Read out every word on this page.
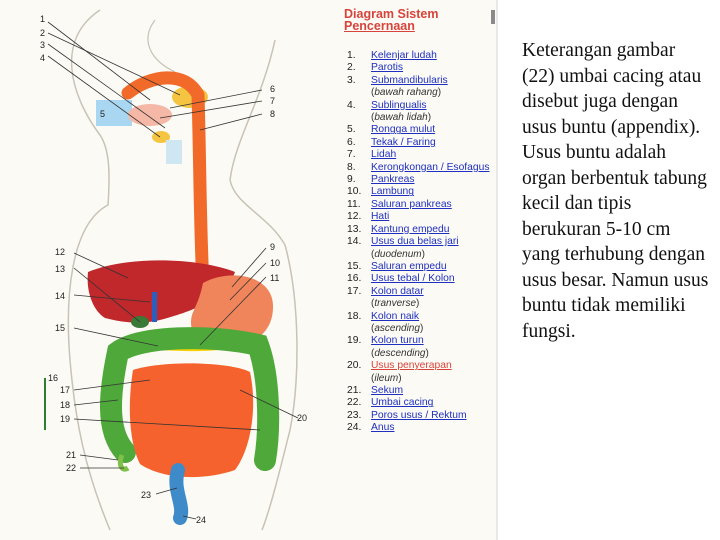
1
2
3
4
5
6
7
8
9
10
11
12
13
14
15
16
17
18
19	20
21
22
23
24
Diagram Sistem
Pencernaan
1. Kelenjar ludah
2. Parotis
3. Submandibularis
(bawah rahang)
4. Sublingualis
(bawah lidah)
5. Rongga mulut
6. Tekak / Faring
7. Lidah
8. Kerongkongan / Esofagus
9. Pankreas
10. Lambung
11. Saluran pankreas
12. Hati
13. Kantung empedu
14. Usus dua belas jari
(duodenum)
15. Saluran empedu
16. Usus tebal / Kolon
17. Kolon datar
(tranverse)
18. Kolon naik
(ascending)
19. Kolon turun
(descending)
20. Usus penyerapan
(ileum)
21. Sekum
22. Umbai cacing
23. Poros usus / Rektum
24. Anus
Keterangan gambar (22) umbai cacing atau disebut juga dengan usus buntu (appendix). Usus buntu adalah organ berbentuk tabung kecil dan tipis berukuran 5-10 cm yang terhubung dengan usus besar. Namun usus buntu tidak memiliki fungsi.
